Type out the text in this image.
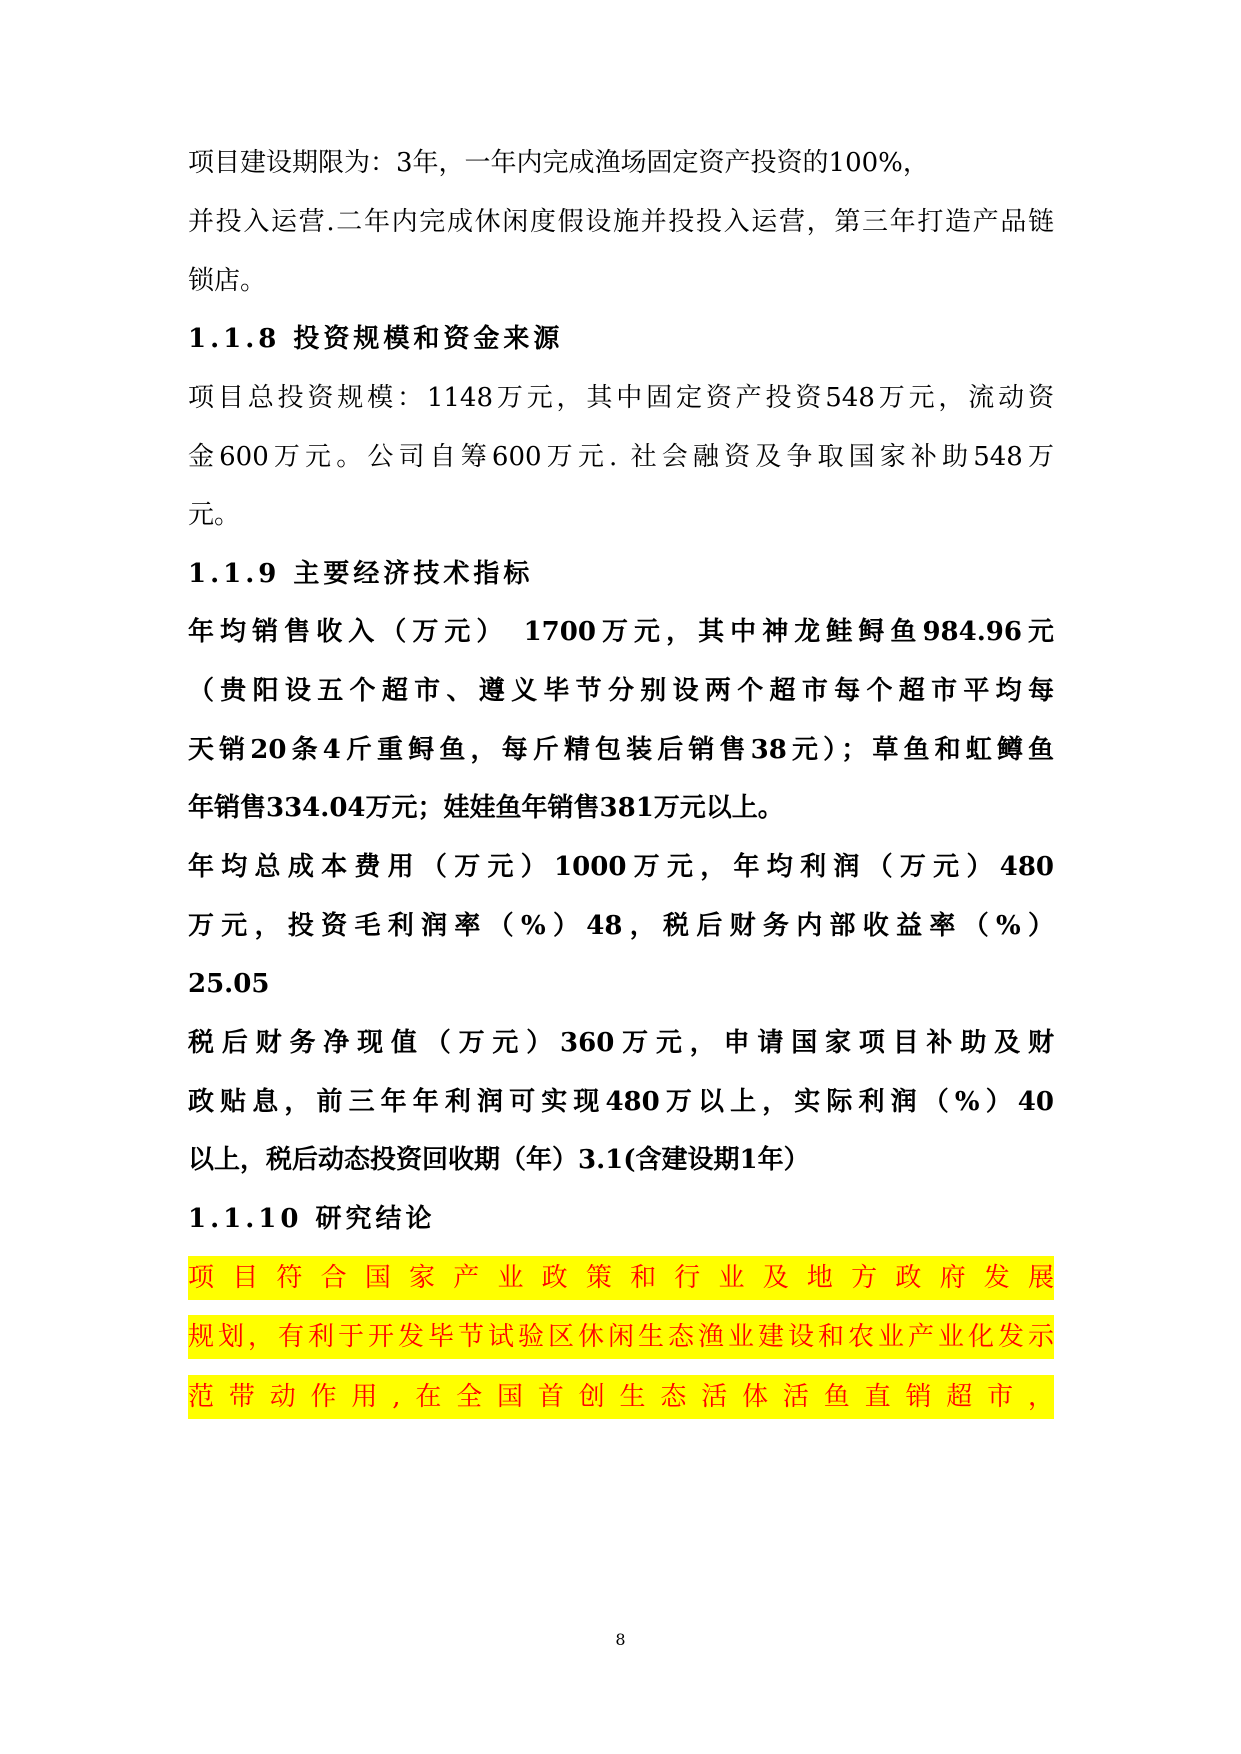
项目建设期限为：3年，一年内完成渔场固定资产投资的100%，
并投入运营.二年内完成休闲度假设施并投投入运营，第三年打造产品链
锁店。
1.1.8 投资规模和资金来源
项目总投资规模：1148万元，其中固定资产投资548万元，流动资
金600万元。公司自筹600万元. 社会融资及争取国家补助548万
元。
1.1.9 主要经济技术指标
年均销售收入（万元） 1700万元，其中神龙鲑鲟鱼984.96元
（贵阳设五个超市、遵义毕节分别设两个超市每个超市平均每
天销20条4斤重鲟鱼，每斤精包装后销售38元）；草鱼和虹鳟鱼
年销售334.04万元；娃娃鱼年销售381万元以上。
年均总成本费用（万元）1000万元，年均利润（万元）480
万元，投资毛利润率（%）48，税后财务内部收益率（%）
25.05
税后财务净现值（万元）360万元，申请国家项目补助及财
政贴息，前三年年利润可实现480万以上，实际利润（%）40
以上，税后动态投资回收期（年）3.1(含建设期1年）
1.1.10 研究结论
项目符合国家产业政策和行业及地方政府发展
规划，有利于开发毕节试验区休闲生态渔业建设和农业产业化发示
范带动作用,在全国首创生态活体活鱼直销超市，
8
